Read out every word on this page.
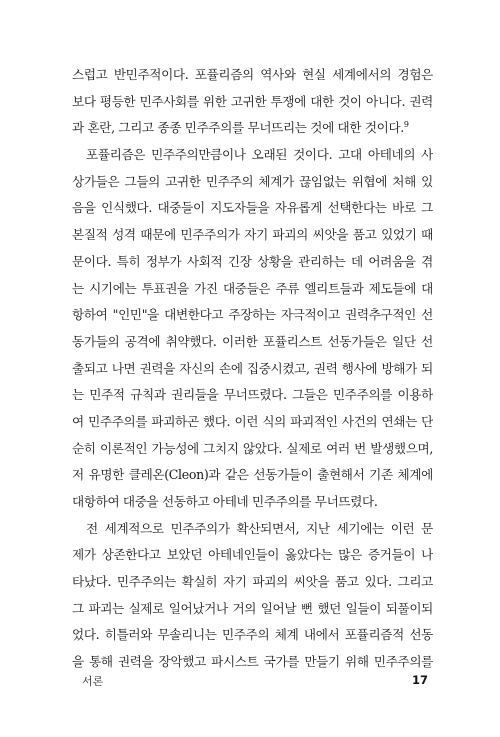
스럽고 반민주적이다. 포퓰리즘의 역사와 현실 세계에서의 경험은
보다 평등한 민주사회를 위한 고귀한 투쟁에 대한 것이 아니다. 권력
과 혼란, 그리고 종종 민주주의를 무너뜨리는 것에 대한 것이다.$^9$
포퓰리즘은 민주주의만큼이나 오래된 것이다. 고대 아테네의 사
상가들은 그들의 고귀한 민주주의 체계가 끊임없는 위협에 처해 있
음을 인식했다. 대중들이 지도자들을 자유롭게 선택한다는 바로 그
본질적 성격 때문에 민주주의가 자기 파괴의 씨앗을 품고 있었기 때
문이다. 특히 정부가 사회적 긴장 상황을 관리하는 데 어려움을 겪
는 시기에는 투표권을 가진 대중들은 주류 엘리트들과 제도들에 대
항하여 "인민"을 대변한다고 주장하는 자극적이고 권력추구적인 선
동가들의 공격에 취약했다. 이러한 포퓰리스트 선동가들은 일단 선
출되고 나면 권력을 자신의 손에 집중시켰고, 권력 행사에 방해가 되
는 민주적 규칙과 권리들을 무너뜨렸다. 그들은 민주주의를 이용하
여 민주주의를 파괴하곤 했다. 이런 식의 파괴적인 사건의 연쇄는 단
순히 이론적인 가능성에 그치지 않았다. 실제로 여러 번 발생했으며,
저 유명한 클레온(Cleon)과 같은 선동가들이 출현해서 기존 체계에
대항하여 대중을 선동하고 아테네 민주주의를 무너뜨렸다.
전 세계적으로 민주주의가 확산되면서, 지난 세기에는 이런 문
제가 상존한다고 보았던 아테네인들이 옳았다는 많은 증거들이 나
타났다. 민주주의는 확실히 자기 파괴의 씨앗을 품고 있다. 그리고
그 파괴는 실제로 일어났거나 거의 일어날 뻔 했던 일들이 되풀이되
었다. 히틀러와 무솔리니는 민주주의 체계 내에서 포퓰리즘적 선동
을 통해 권력을 장악했고 파시스트 국가를 만들기 위해 민주주의를
서론	17
